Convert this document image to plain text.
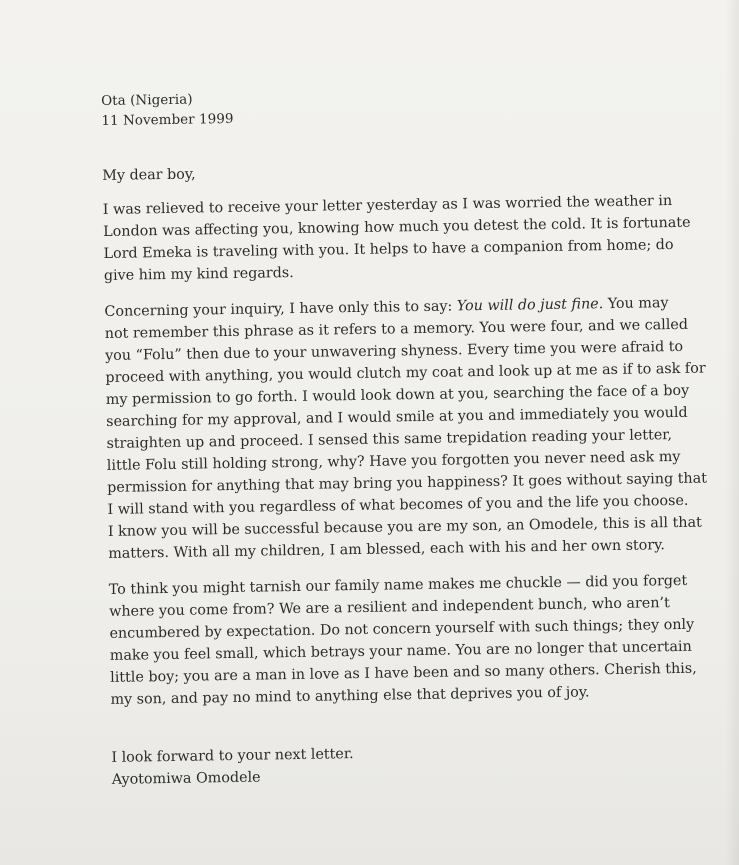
Ota (Nigeria)
11 November 1999
My dear boy,
I was relieved to receive your letter yesterday as I was worried the weather in
London was affecting you, knowing how much you detest the cold. It is fortunate
Lord Emeka is traveling with you. It helps to have a companion from home; do
give him my kind regards.
Concerning your inquiry, I have only this to say: You will do just fine. You may
not remember this phrase as it refers to a memory. You were four, and we called
you “Folu” then due to your unwavering shyness. Every time you were afraid to
proceed with anything, you would clutch my coat and look up at me as if to ask for
my permission to go forth. I would look down at you, searching the face of a boy
searching for my approval, and I would smile at you and immediately you would
straighten up and proceed. I sensed this same trepidation reading your letter,
little Folu still holding strong, why? Have you forgotten you never need ask my
permission for anything that may bring you happiness? It goes without saying that
I will stand with you regardless of what becomes of you and the life you choose.
I know you will be successful because you are my son, an Omodele, this is all that
matters. With all my children, I am blessed, each with his and her own story.
To think you might tarnish our family name makes me chuckle — did you forget
where you come from? We are a resilient and independent bunch, who aren’t
encumbered by expectation. Do not concern yourself with such things; they only
make you feel small, which betrays your name. You are no longer that uncertain
little boy; you are a man in love as I have been and so many others. Cherish this,
my son, and pay no mind to anything else that deprives you of joy.
I look forward to your next letter.
Ayotomiwa Omodele
